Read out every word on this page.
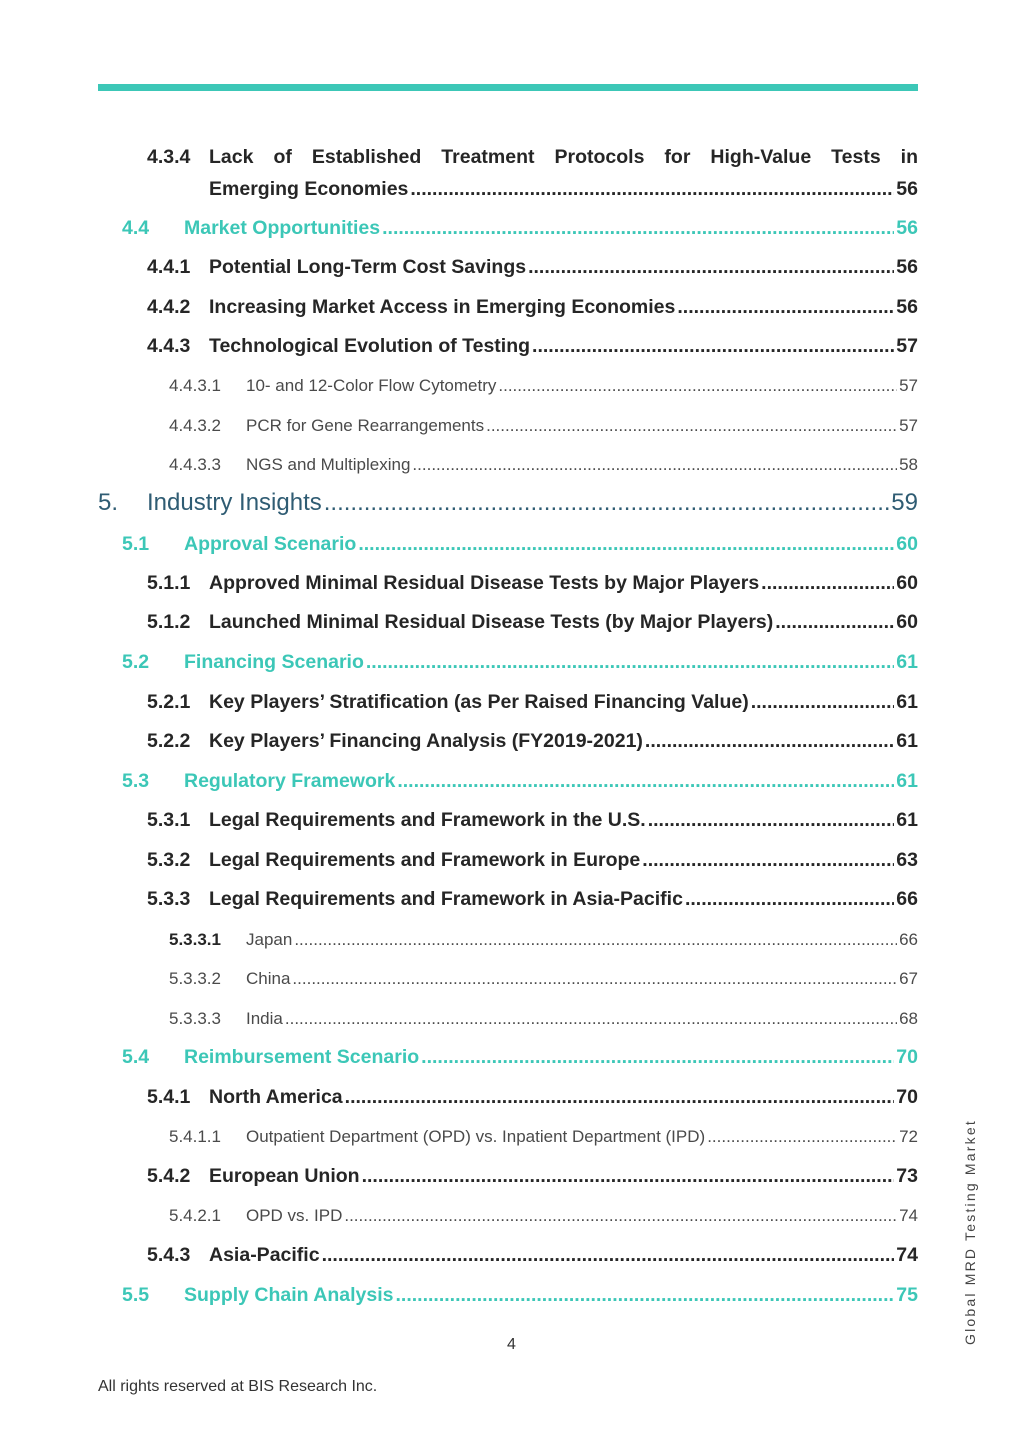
4.3.4 Lack of Established Treatment Protocols for High-Value Tests in
Emerging Economies .....	56
4.4	Market Opportunities .....	56
4.4.1 Potential Long-Term Cost Savings .....	56
4.4.2 Increasing Market Access in Emerging Economies .....	56
4.4.3 Technological Evolution of Testing .....	57
4.4.3.1	10- and 12-Color Flow Cytometry .....	57
4.4.3.2	PCR for Gene Rearrangements .....	57
4.4.3.3	NGS and Multiplexing .....	58
5.	Industry Insights .....	59
5.1	Approval Scenario .....	60
5.1.1 Approved Minimal Residual Disease Tests by Major Players .....	60
5.1.2 Launched Minimal Residual Disease Tests (by Major Players) .....	60
5.2	Financing Scenario .....	61
5.2.1 Key Players’ Stratification (as Per Raised Financing Value) .....	61
5.2.2 Key Players’ Financing Analysis (FY2019-2021) .....	61
5.3	Regulatory Framework .....	61
5.3.1 Legal Requirements and Framework in the U.S. .....	61
5.3.2 Legal Requirements and Framework in Europe .....	63
5.3.3 Legal Requirements and Framework in Asia-Pacific .....	66
5.3.3.1	Japan .....	66
5.3.3.2	China .....	67
5.3.3.3	India .....	68
5.4	Reimbursement Scenario .....	70
5.4.1 North America .....	70
5.4.1.1	Outpatient Department (OPD) vs. Inpatient Department (IPD) .....	72
5.4.2 European Union .....	73
5.4.2.1	OPD vs. IPD .....	74
5.4.3 Asia-Pacific .....	74
5.5	Supply Chain Analysis .....	75
4
All rights reserved at BIS Research Inc.
Global MRD Testing Market
